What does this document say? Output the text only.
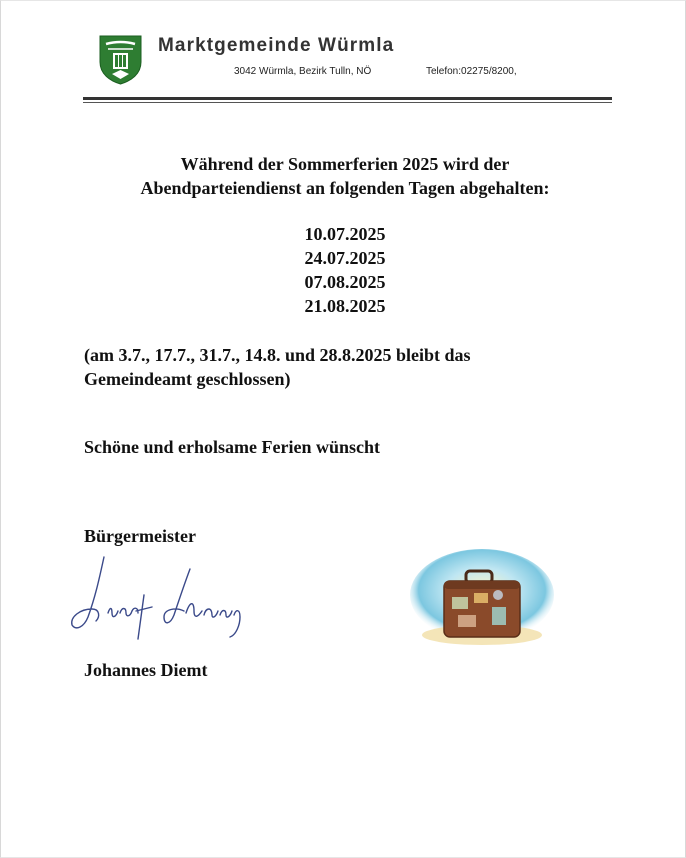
Marktgemeinde Würmla
3042 Würmla, Bezirk Tulln, NÖ	Telefon:02275/8200,
Während der Sommerferien 2025 wird der
Abendparteiendienst an folgenden Tagen abgehalten:
10.07.2025
24.07.2025
07.08.2025
21.08.2025
(am 3.7., 17.7., 31.7., 14.8. und 28.8.2025 bleibt das
Gemeindeamt geschlossen)
Schöne und erholsame Ferien wünscht
Bürgermeister
Johannes Diemt
